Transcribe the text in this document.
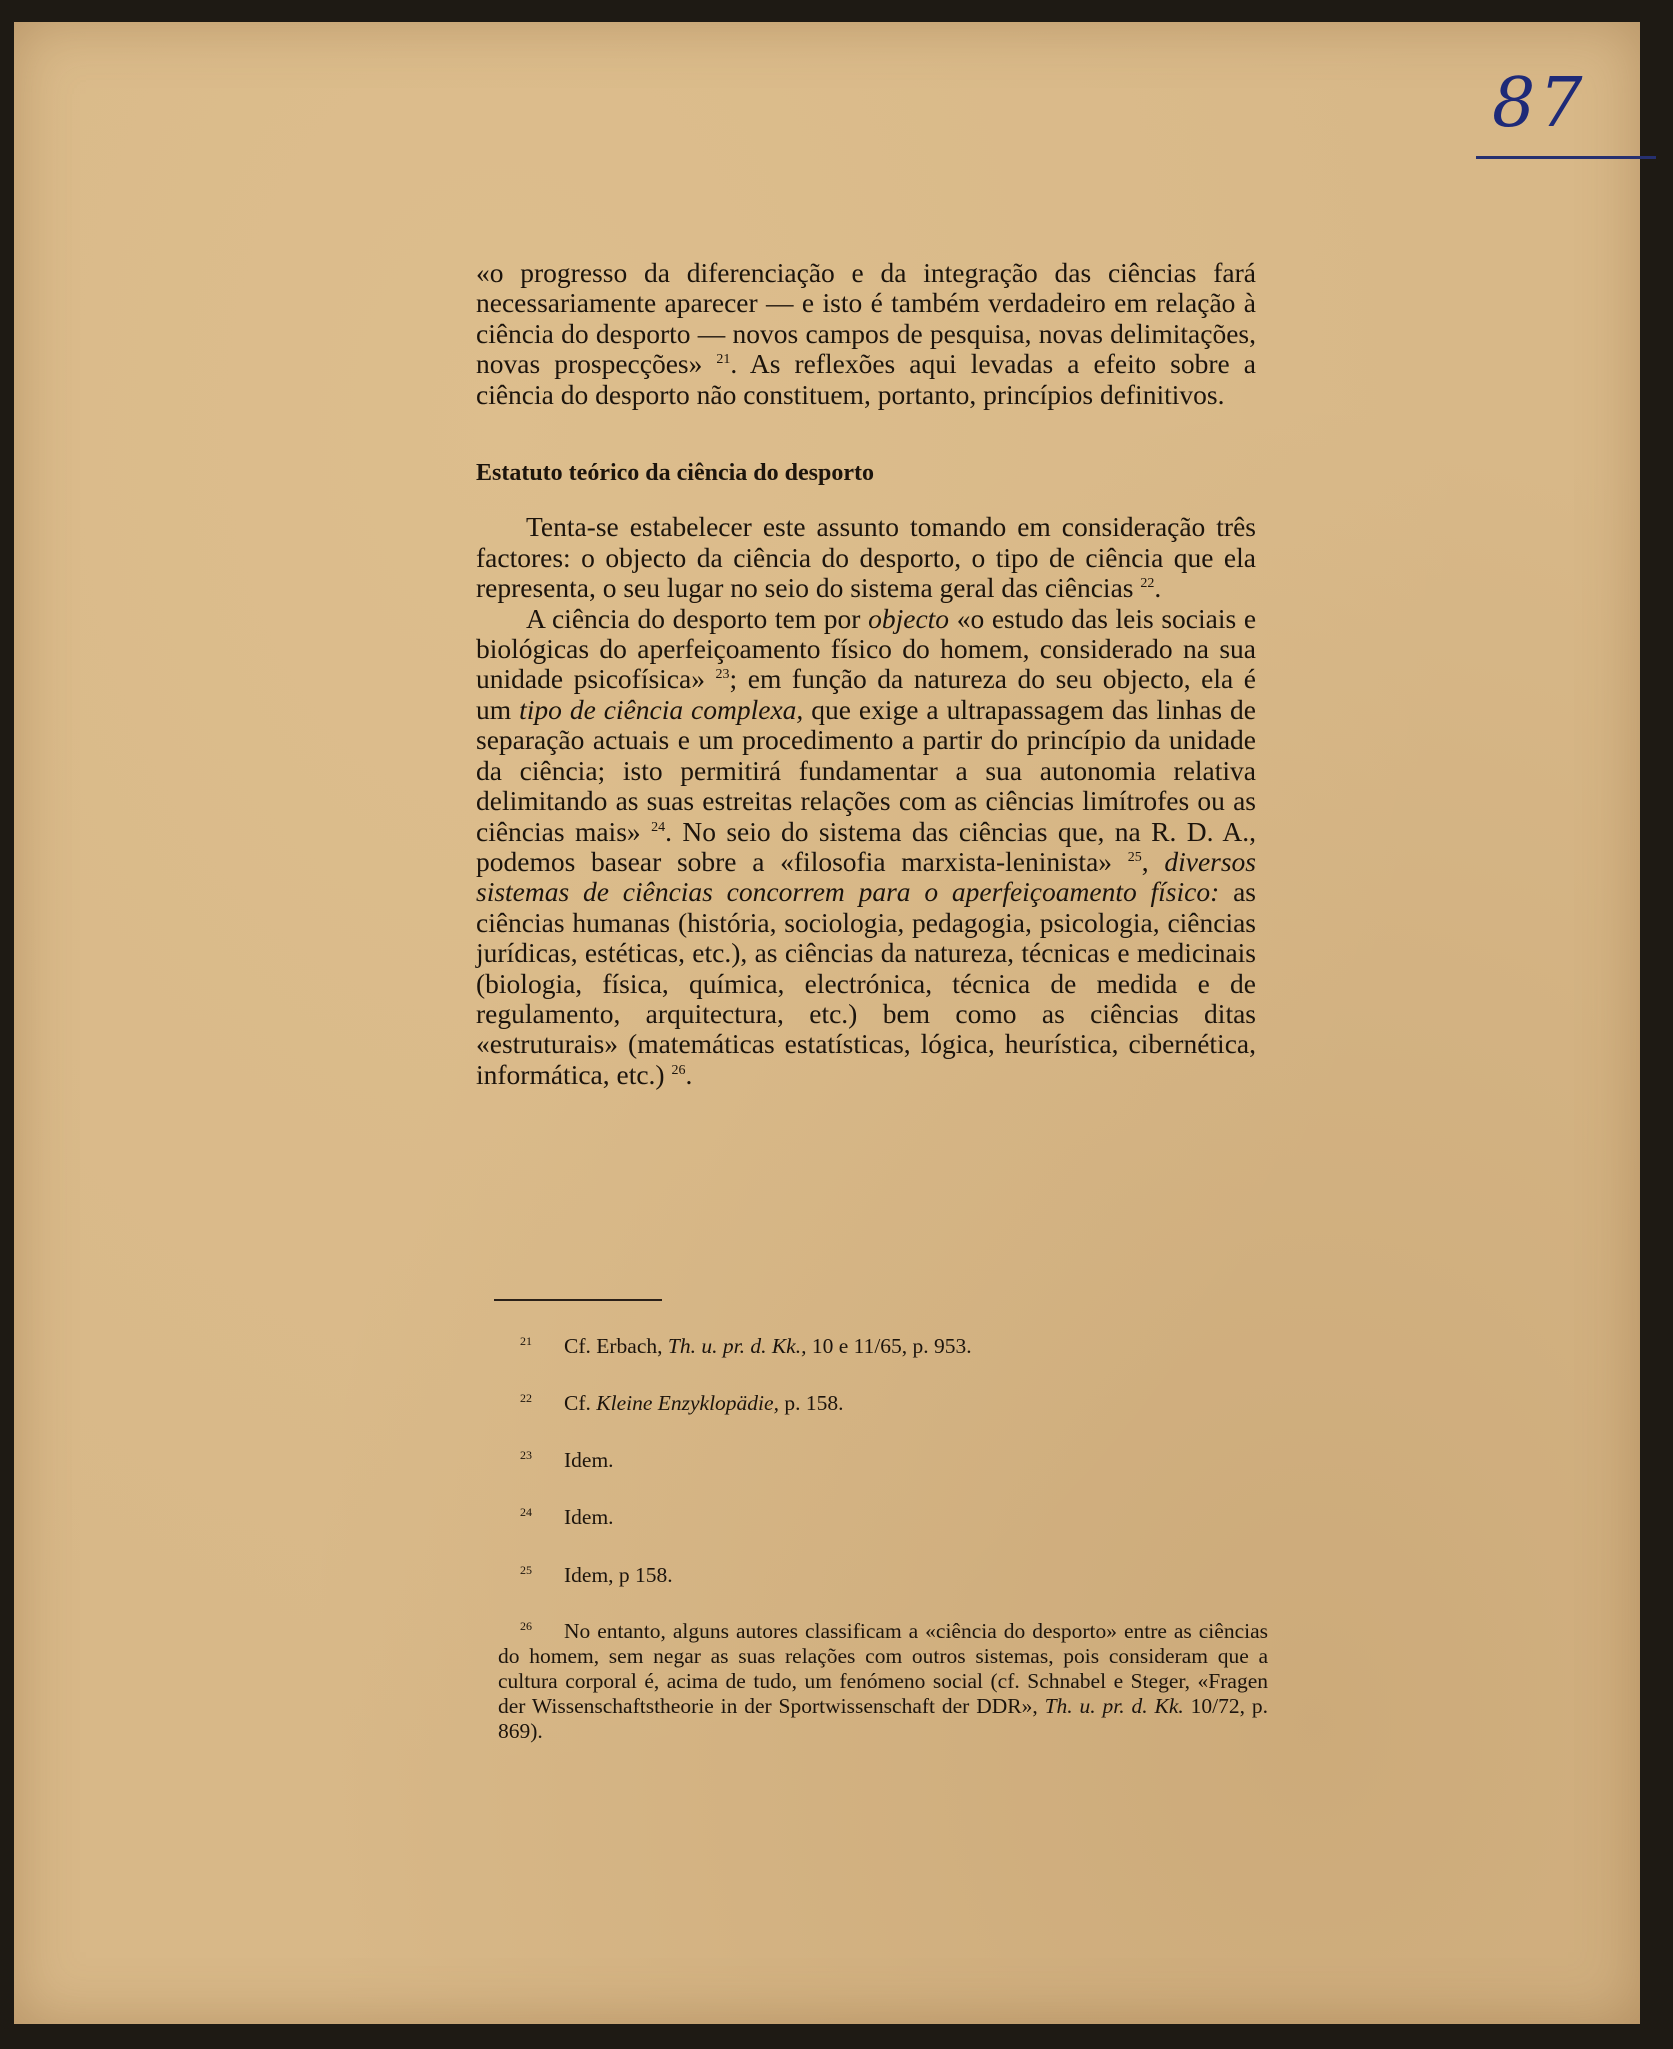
87

«o progresso da diferenciação e da integração das ciências fará necessariamente aparecer — e isto é também verdadeiro em relação à ciência do desporto — novos campos de pesquisa, novas delimitações, novas prospecções» $^{21}$. As reflexões aqui levadas a efeito sobre a ciência do desporto não constituem, portanto, princípios definitivos.

Estatuto teórico da ciência do desporto

Tenta-se estabelecer este assunto tomando em consideração três factores: o objecto da ciência do desporto, o tipo de ciência que ela representa, o seu lugar no seio do sistema geral das ciências $^{22}$.

A ciência do desporto tem por objecto «o estudo das leis sociais e biológicas do aperfeiçoamento físico do homem, considerado na sua unidade psicofísica» $^{23}$; em função da natureza do seu objecto, ela é um tipo de ciência complexa, que exige a ultrapassagem das linhas de separação actuais e um procedimento a partir do princípio da unidade da ciência; isto permitirá fundamentar a sua autonomia relativa delimitando as suas estreitas relações com as ciências limítrofes ou as ciências mais» $^{24}$. No seio do sistema das ciências que, na R. D. A., podemos basear sobre a «filosofia marxista-leninista» $^{25}$, diversos sistemas de ciências concorrem para o aperfeiçoamento físico: as ciências humanas (história, sociologia, pedagogia, psicologia, ciências jurídicas, estéticas, etc.), as ciências da natureza, técnicas e medicinais (biologia, física, química, electrónica, técnica de medida e de regulamento, arquitectura, etc.) bem como as ciências ditas «estruturais» (matemáticas estatísticas, lógica, heurística, cibernética, informática, etc.) $^{26}$.

21 Cf. Erbach, Th. u. pr. d. Kk., 10 e 11/65, p. 953.

22 Cf. Kleine Enzyklopädie, p. 158.

23 Idem.

24 Idem.

25 Idem, p 158.

26 No entanto, alguns autores classificam a «ciência do desporto» entre as ciências do homem, sem negar as suas relações com outros sistemas, pois consideram que a cultura corporal é, acima de tudo, um fenómeno social (cf. Schnabel e Steger, «Fragen der Wissenschaftstheorie in der Sportwissenschaft der DDR», Th. u. pr. d. Kk. 10/72, p. 869).
